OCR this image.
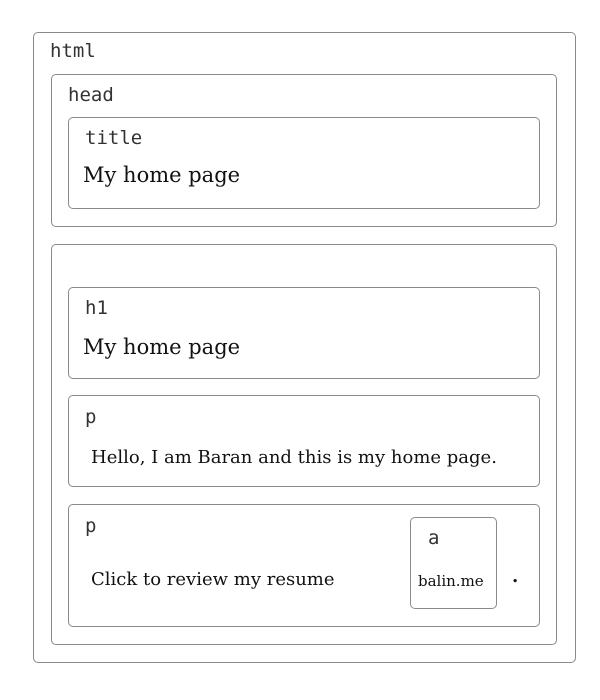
html
head
title
My home page
h1
My home page
p
Hello, I am Baran and this is my home page.
p
Click to review my resume
a
balin.me .
